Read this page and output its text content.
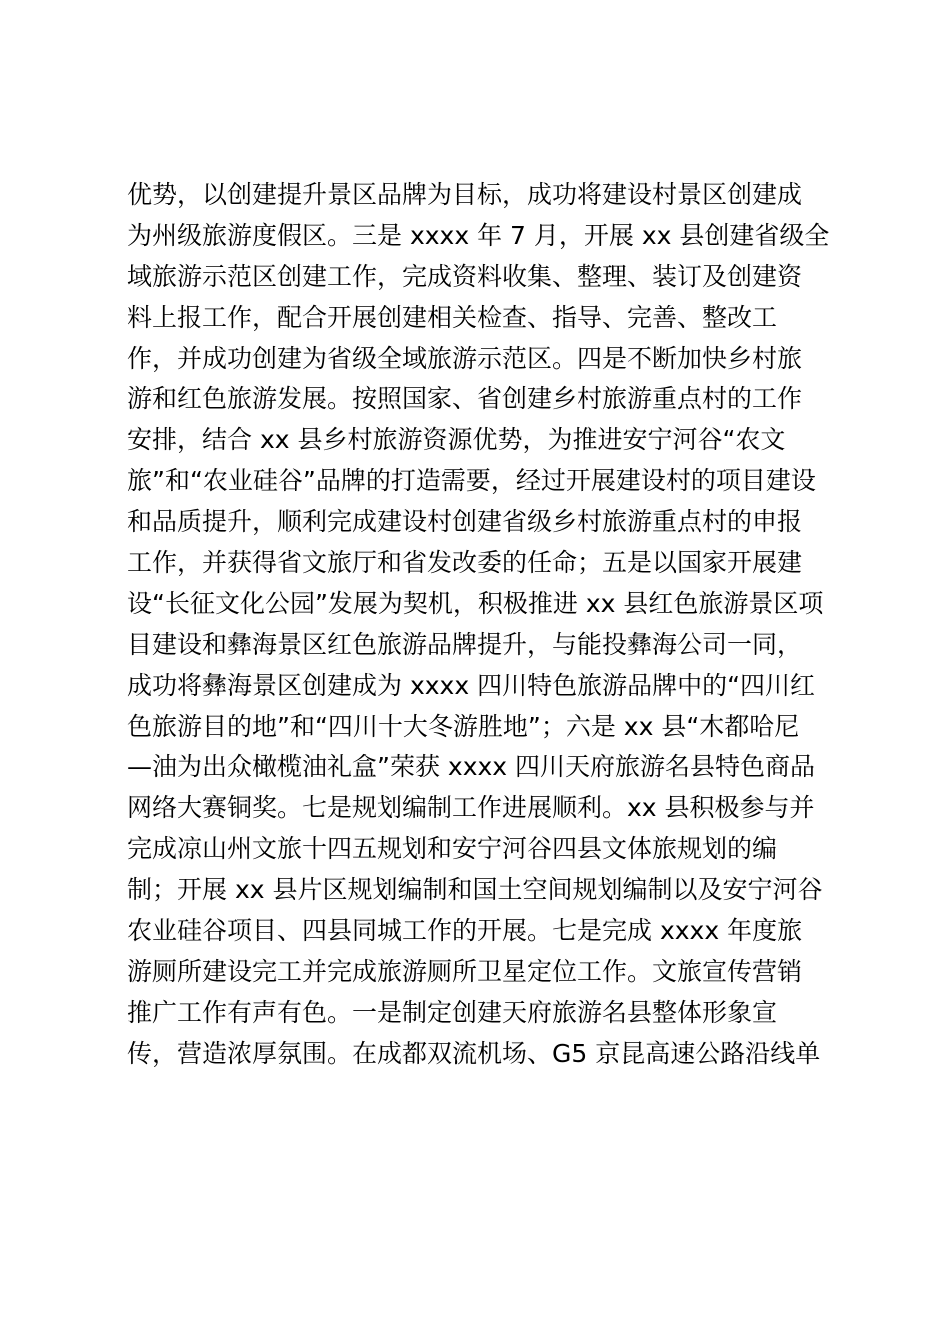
优势，以创建提升景区品牌为目标，成功将建设村景区创建成
为州级旅游度假区。三是 xxxx 年 7 月，开展 xx 县创建省级全
域旅游示范区创建工作，完成资料收集、整理、装订及创建资
料上报工作，配合开展创建相关检查、指导、完善、整改工
作，并成功创建为省级全域旅游示范区。四是不断加快乡村旅
游和红色旅游发展。按照国家、省创建乡村旅游重点村的工作
安排，结合 xx 县乡村旅游资源优势，为推进安宁河谷“农文
旅”和“农业硅谷”品牌的打造需要，经过开展建设村的项目建设
和品质提升，顺利完成建设村创建省级乡村旅游重点村的申报
工作，并获得省文旅厅和省发改委的任命；五是以国家开展建
设“长征文化公园”发展为契机，积极推进 xx 县红色旅游景区项
目建设和彝海景区红色旅游品牌提升，与能投彝海公司一同，
成功将彝海景区创建成为 xxxx 四川特色旅游品牌中的“四川红
色旅游目的地”和“四川十大冬游胜地”；六是 xx 县“木都哈尼
—油为出众橄榄油礼盒”荣获 xxxx 四川天府旅游名县特色商品
网络大赛铜奖。七是规划编制工作进展顺利。xx 县积极参与并
完成凉山州文旅十四五规划和安宁河谷四县文体旅规划的编
制；开展 xx 县片区规划编制和国土空间规划编制以及安宁河谷
农业硅谷项目、四县同城工作的开展。七是完成 xxxx 年度旅
游厕所建设完工并完成旅游厕所卫星定位工作。文旅宣传营销
推广工作有声有色。一是制定创建天府旅游名县整体形象宣
传，营造浓厚氛围。在成都双流机场、G5 京昆高速公路沿线单
